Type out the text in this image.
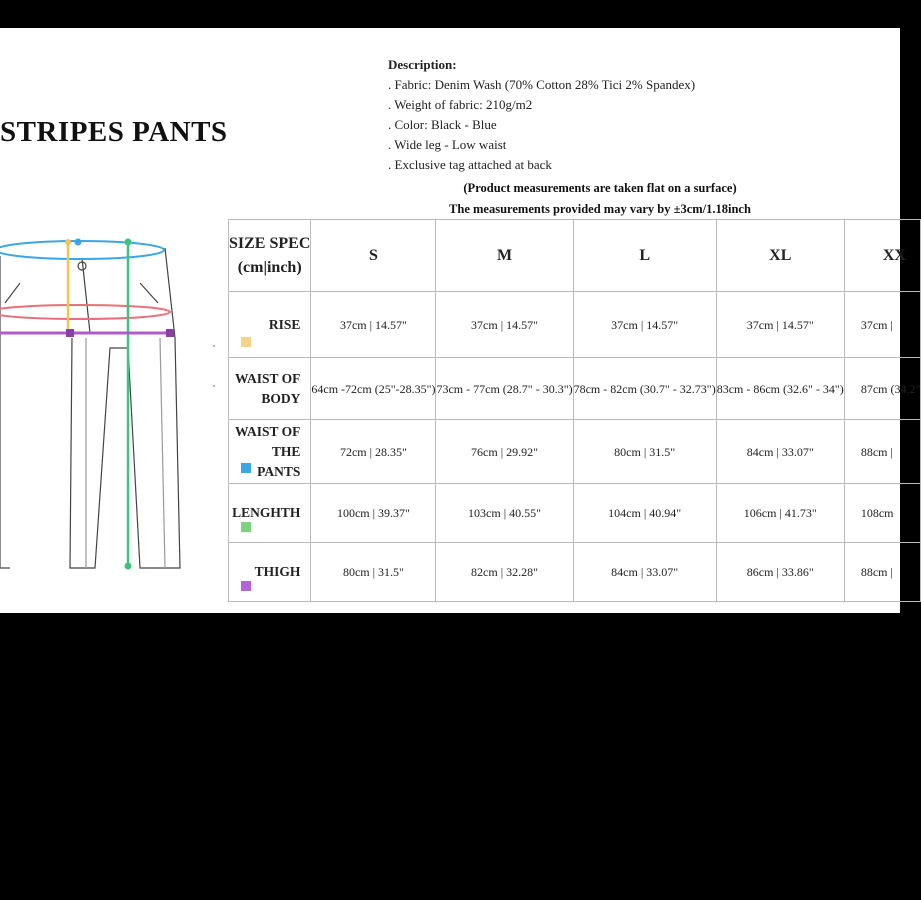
STRIPES PANTS
Description:
. Fabric: Denim Wash (70% Cotton 28% Tici 2% Spandex)
. Weight of fabric: 210g/m2
. Color: Black - Blue
. Wide leg - Low waist
. Exclusive tag attached at back
(Product measurements are taken flat on a surface)
The measurements provided may vary by ±3cm/1.18inch
SIZE SPEC
(cm|inch)	S	M	L	XL	XX
RISE	37cm | 14.57"	37cm | 14.57"	37cm | 14.57"	37cm | 14.57"	37cm |
WAIST OF
BODY	64cm -72cm (25"-28.35")	73cm - 77cm (28.7" - 30.3")	78cm - 82cm (30.7" - 32.73")	83cm - 86cm (32.6" - 34")	87cm (34.2"
WAIST OF THE
PANTS	72cm | 28.35"	76cm | 29.92"	80cm | 31.5"	84cm | 33.07"	88cm |
LENGHTH	100cm | 39.37"	103cm | 40.55"	104cm | 40.94"	106cm | 41.73"	108cm
THIGH	80cm | 31.5"	82cm | 32.28"	84cm | 33.07"	86cm | 33.86"	88cm |
